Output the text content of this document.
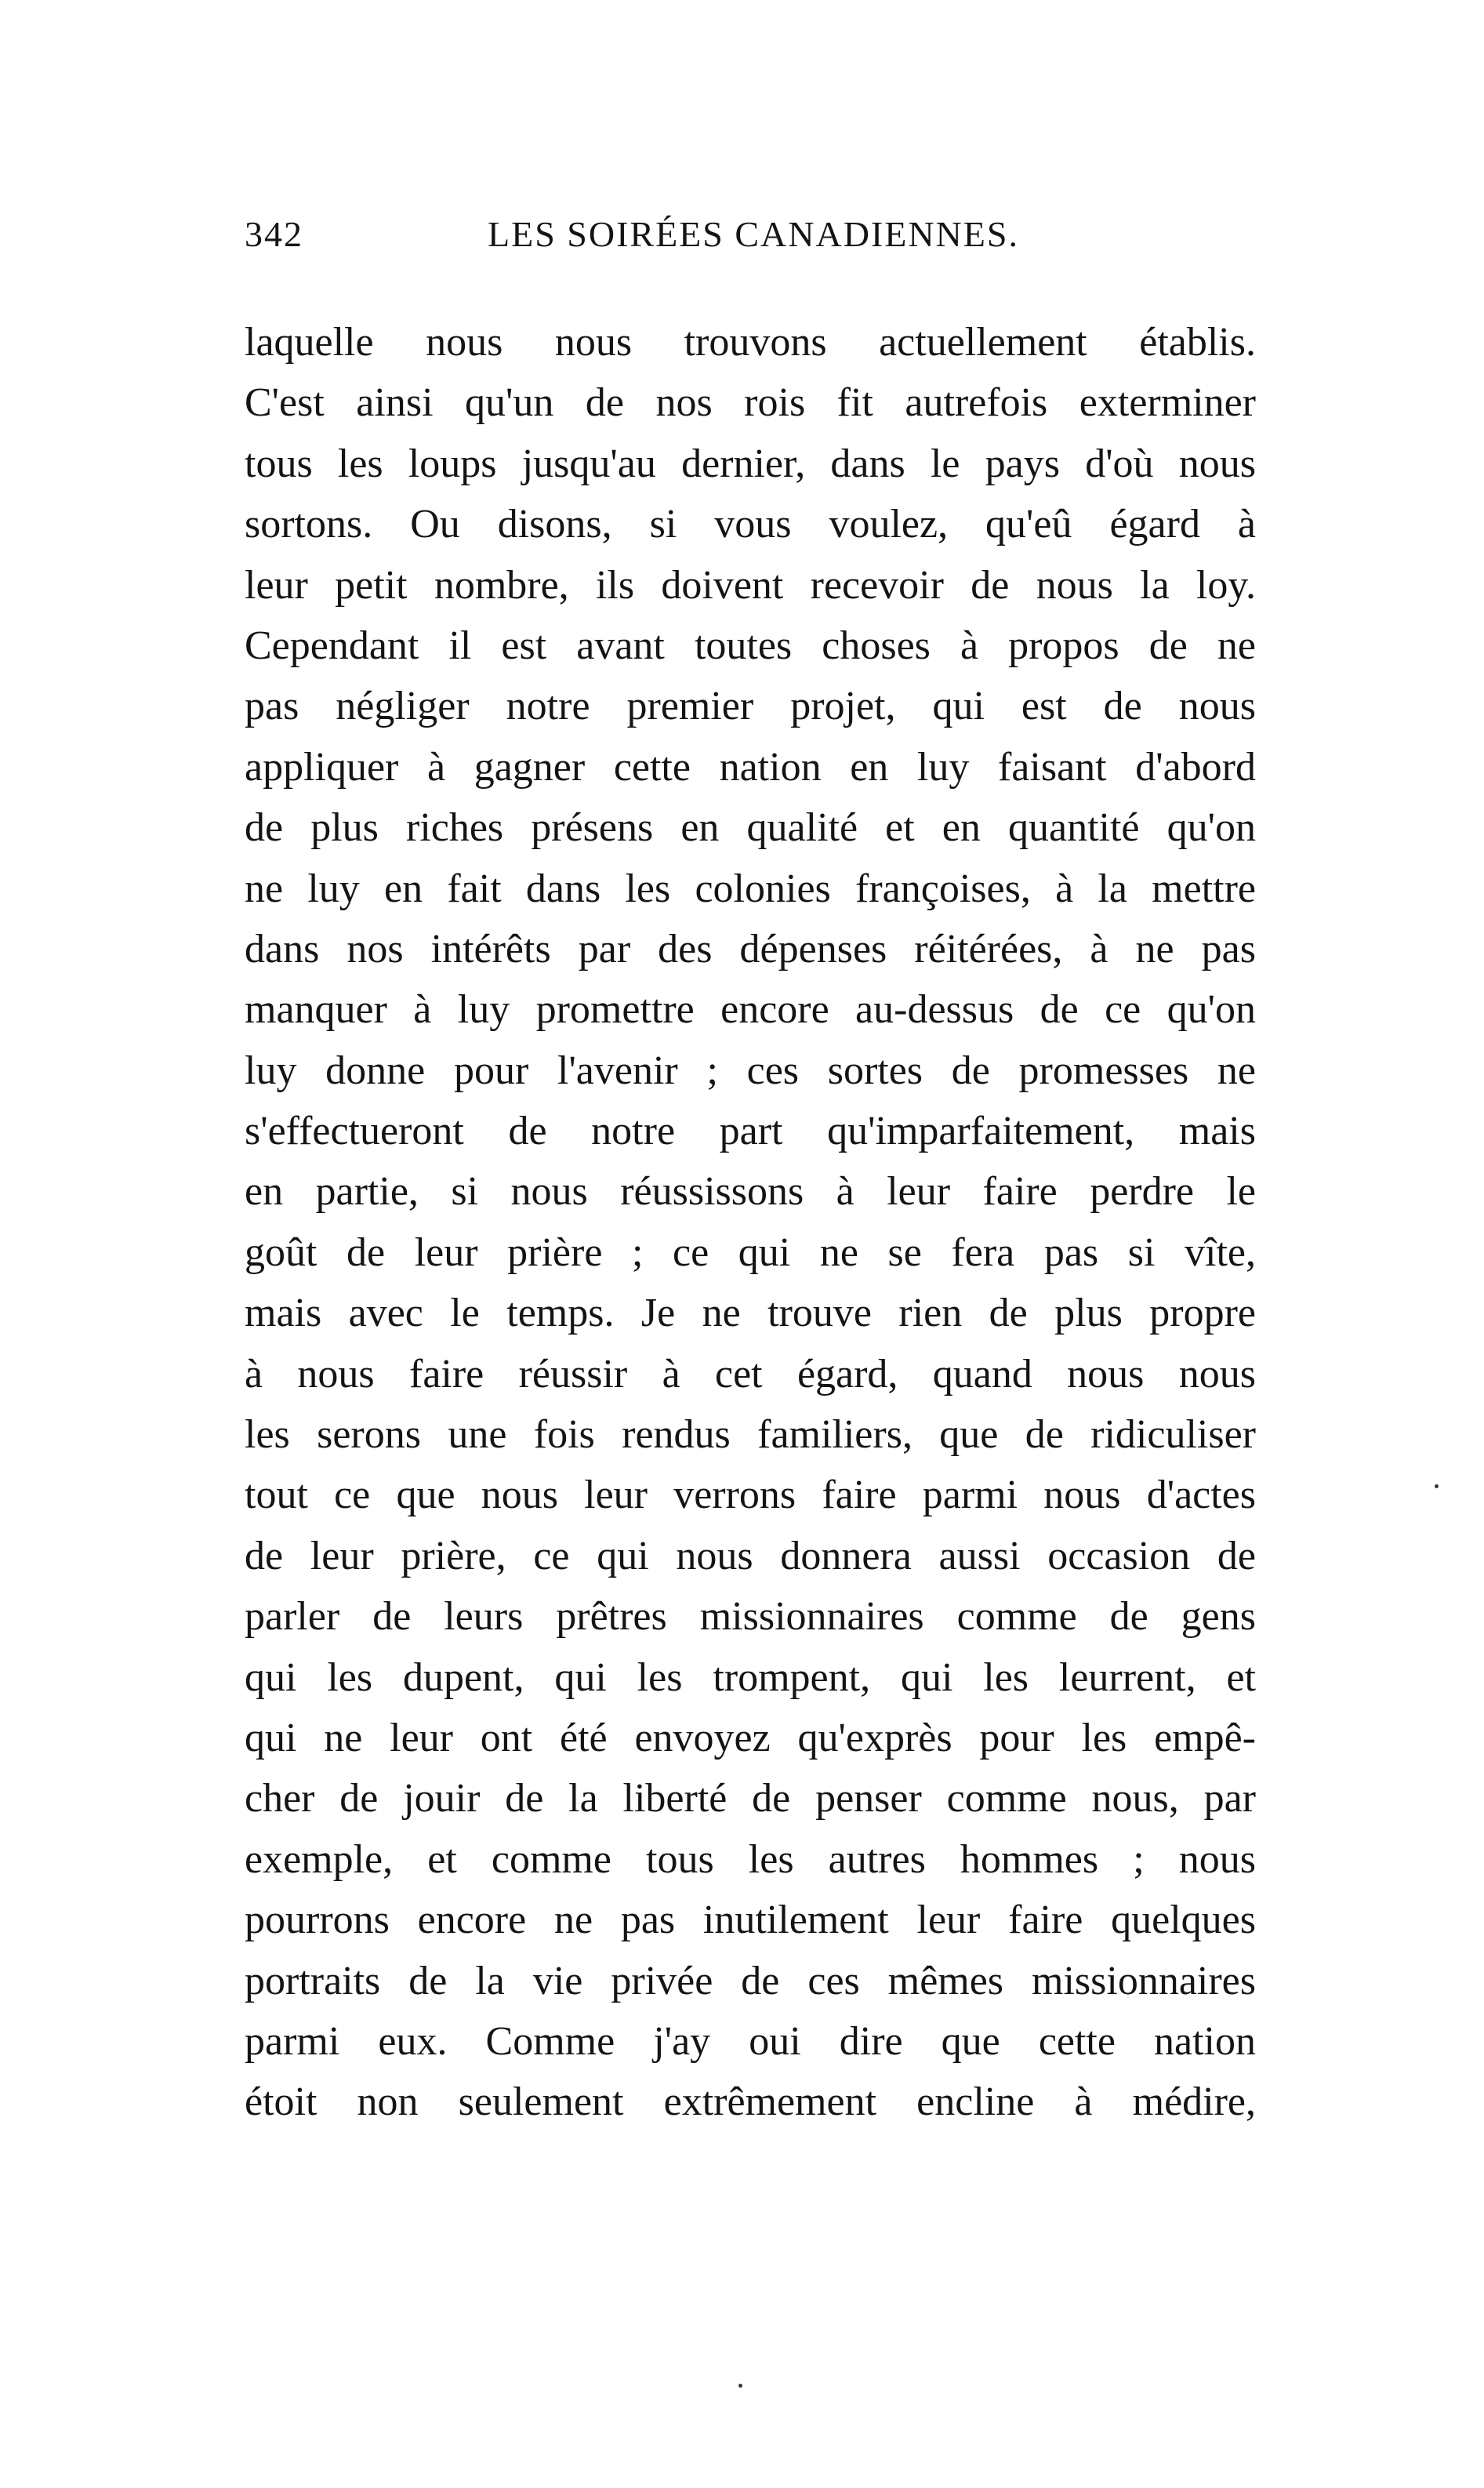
342	LES SOIRÉES CANADIENNES.
laquelle nous nous trouvons actuellement établis.
C'est ainsi qu'un de nos rois fit autrefois exterminer
tous les loups jusqu'au dernier, dans le pays d'où nous
sortons. Ou disons, si vous voulez, qu'eû égard à
leur petit nombre, ils doivent recevoir de nous la loy.
Cependant il est avant toutes choses à propos de ne
pas négliger notre premier projet, qui est de nous
appliquer à gagner cette nation en luy faisant d'abord
de plus riches présens en qualité et en quantité qu'on
ne luy en fait dans les colonies françoises, à la mettre
dans nos intérêts par des dépenses réitérées, à ne pas
manquer à luy promettre encore au-dessus de ce qu'on
luy donne pour l'avenir ; ces sortes de promesses ne
s'effectueront de notre part qu'imparfaitement, mais
en partie, si nous réussissons à leur faire perdre le
goût de leur prière ; ce qui ne se fera pas si vîte,
mais avec le temps. Je ne trouve rien de plus propre
à nous faire réussir à cet égard, quand nous nous
les serons une fois rendus familiers, que de ridiculiser
tout ce que nous leur verrons faire parmi nous d'actes
de leur prière, ce qui nous donnera aussi occasion de
parler de leurs prêtres missionnaires comme de gens
qui les dupent, qui les trompent, qui les leurrent, et
qui ne leur ont été envoyez qu'exprès pour les empê-
cher de jouir de la liberté de penser comme nous, par
exemple, et comme tous les autres hommes ; nous
pourrons encore ne pas inutilement leur faire quelques
portraits de la vie privée de ces mêmes missionnaires
parmi eux. Comme j'ay oui dire que cette nation
étoit non seulement extrêmement encline à médire,
